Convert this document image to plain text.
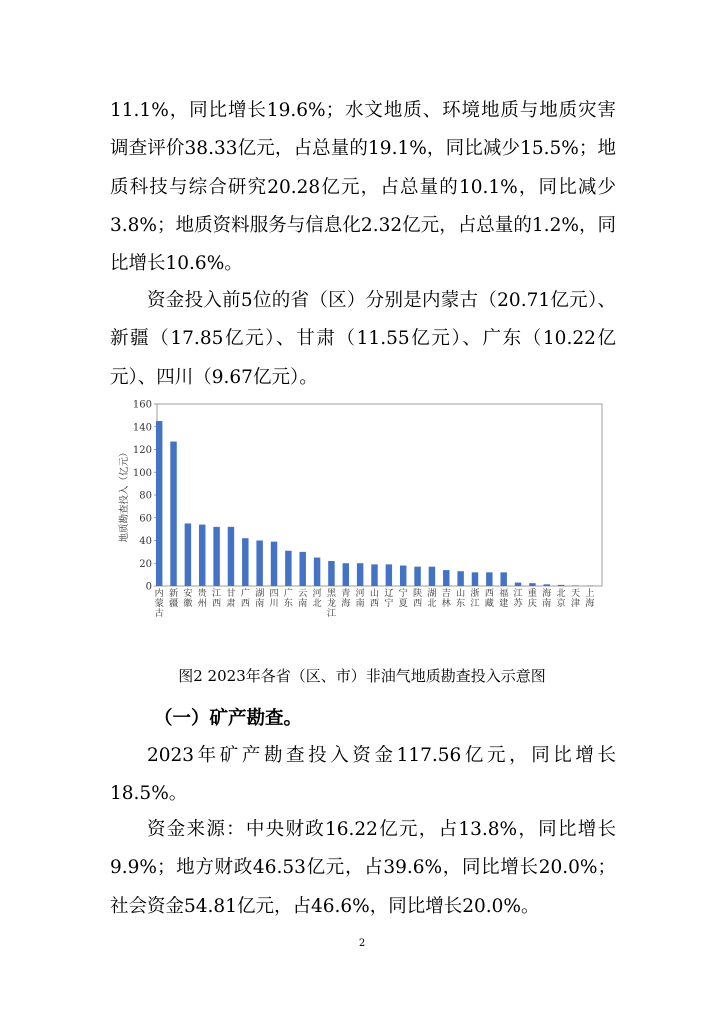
11.1%，同比增长19.6%；水文地质、环境地质与地质灾害调查评价38.33亿元，占总量的19.1%，同比减少15.5%；地质科技与综合研究20.28亿元，占总量的10.1%，同比减少3.8%；地质资料服务与信息化2.32亿元，占总量的1.2%，同比增长10.6%。

资金投入前5位的省（区）分别是内蒙古（20.71亿元）、新疆（17.85亿元）、甘肃（11.55亿元）、广东（10.22亿元）、四川（9.67亿元）。

0
20
40
60
80
100
120
140
160
地质勘查投入（亿元）
内蒙古
新疆
安徽
贵州
江西
甘肃
广西
湖南
四川
广东
云南
河北
黑龙江
青海
河南
山西
辽宁
宁夏
陕西
湖北
吉林
山东
浙江
西藏
福建
江苏
重庆
海南
北京
天津
上海
图2 2023年各省（区、市）非油气地质勘查投入示意图
（一）矿产勘查。

2023年矿产勘查投入资金117.56亿元，同比增长18.5%。

资金来源：中央财政16.22亿元，占13.8%，同比增长9.9%；地方财政46.53亿元，占39.6%，同比增长20.0%；社会资金54.81亿元，占46.6%，同比增长20.0%。

2
